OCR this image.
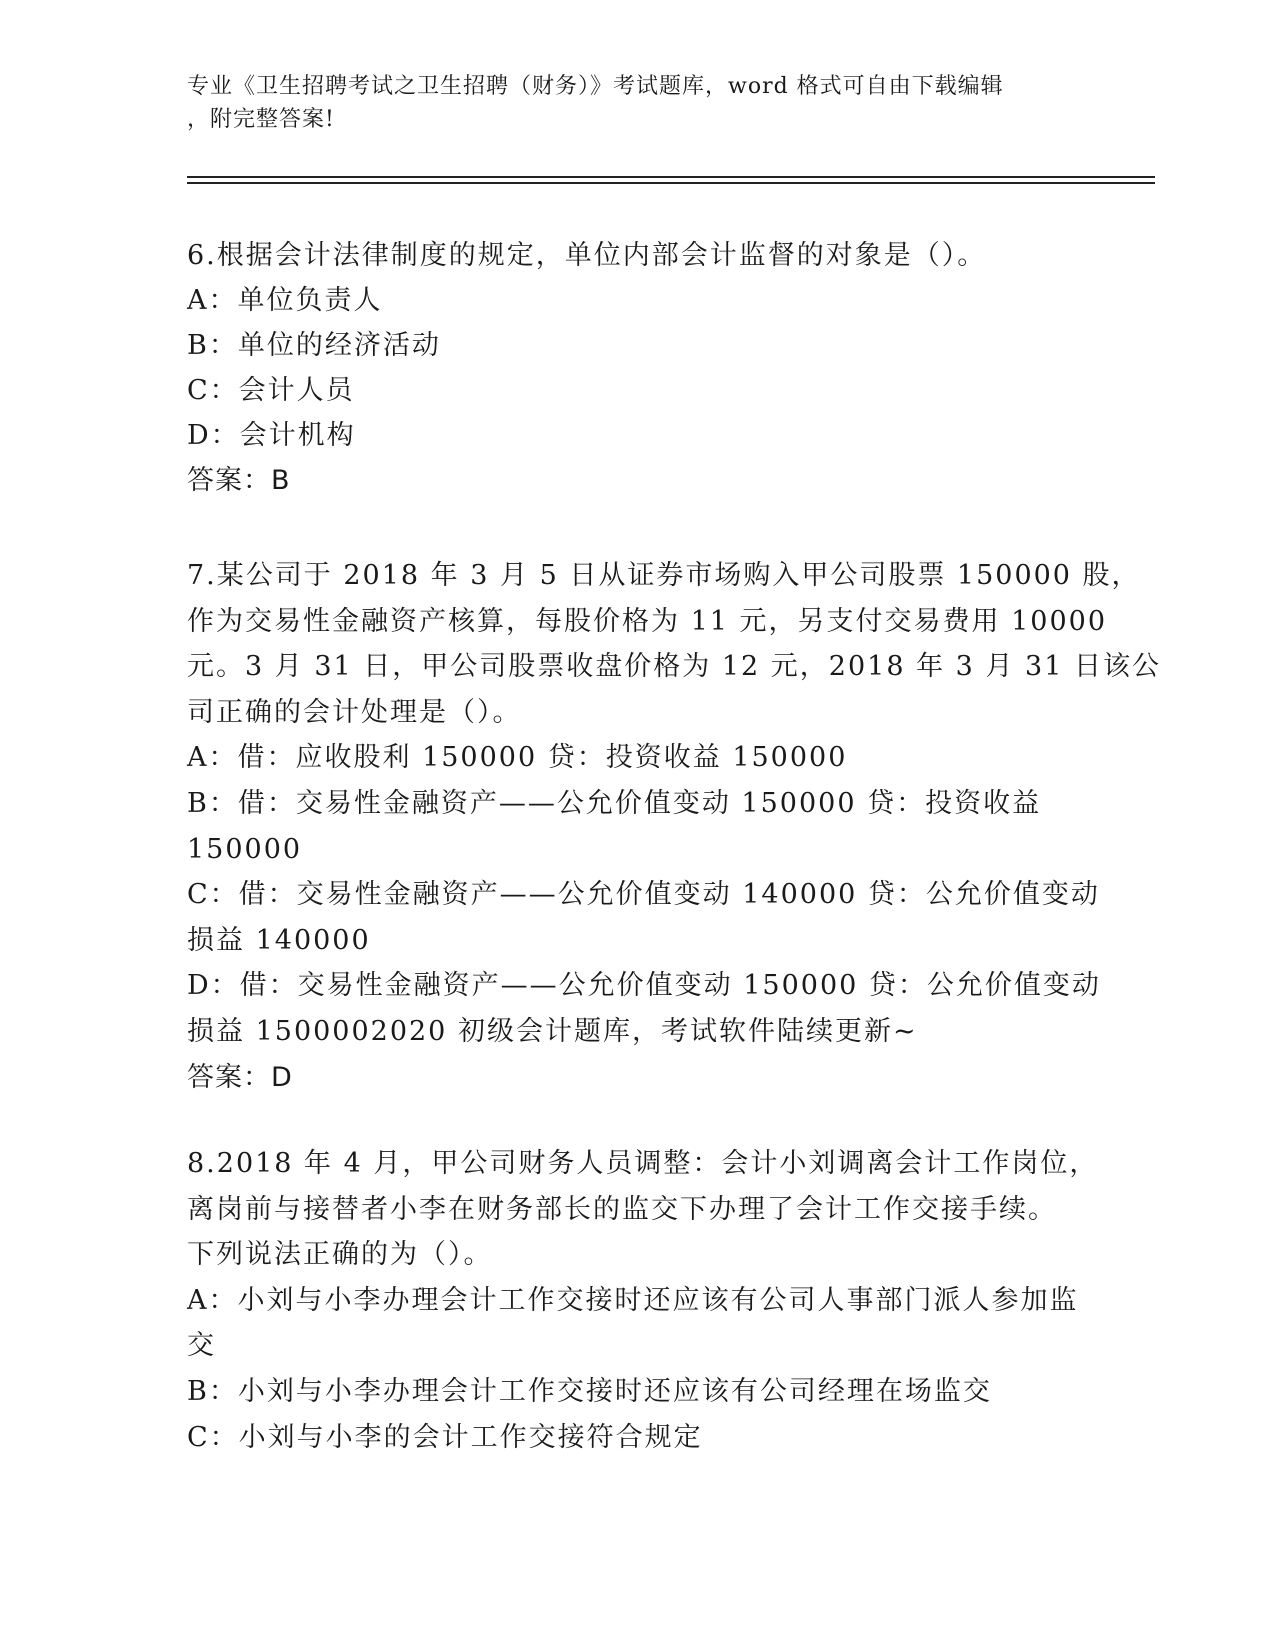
专业《卫生招聘考试之卫生招聘（财务）》考试题库，word 格式可自由下载编辑
，附完整答案!
6.根据会计法律制度的规定，单位内部会计监督的对象是（）。
A：单位负责人
B：单位的经济活动
C：会计人员
D：会计机构
答案：B
7.某公司于 2018 年 3 月 5 日从证券市场购入甲公司股票 150000 股，
作为交易性金融资产核算，每股价格为 11 元，另支付交易费用 10000
元。3 月 31 日，甲公司股票收盘价格为 12 元，2018 年 3 月 31 日该公
司正确的会计处理是（）。
A：借：应收股利 150000 贷：投资收益 150000
B：借：交易性金融资产——公允价值变动 150000 贷：投资收益
150000
C：借：交易性金融资产——公允价值变动 140000 贷：公允价值变动
损益 140000
D：借：交易性金融资产——公允价值变动 150000 贷：公允价值变动
损益 1500002020 初级会计题库，考试软件陆续更新~
答案：D
8.2018 年 4 月，甲公司财务人员调整：会计小刘调离会计工作岗位，
离岗前与接替者小李在财务部长的监交下办理了会计工作交接手续。
下列说法正确的为（）。
A：小刘与小李办理会计工作交接时还应该有公司人事部门派人参加监
交
B：小刘与小李办理会计工作交接时还应该有公司经理在场监交
C：小刘与小李的会计工作交接符合规定
